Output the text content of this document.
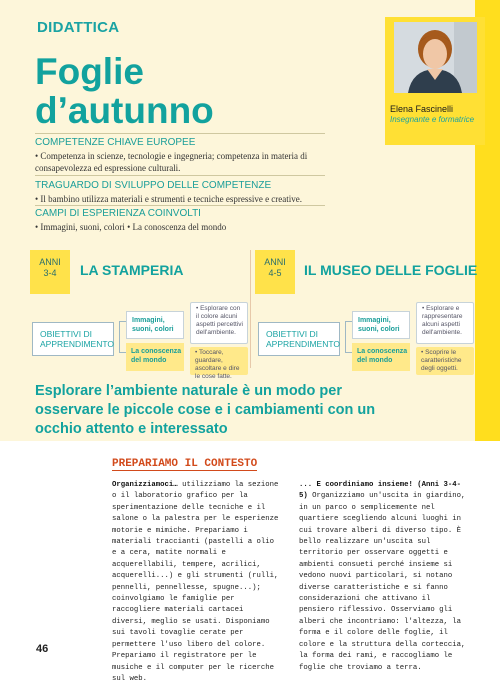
DIDATTICA
Foglie
d’autunno	Elena Fascinelli
Insegnante e formatrice
COMPETENZE CHIAVE EUROPEE
• Competenza in scienze, tecnologie e ingegneria; competenza in materia di consapevolezza ed espressione culturali.
TRAGUARDO DI SVILUPPO DELLE COMPETENZE
• Il bambino utilizza materiali e strumenti e tecniche espressive e creative.
CAMPI DI ESPERIENZA COINVOLTI
• Immagini, suoni, colori • La conoscenza del mondo
ANNI
3-4	LA STAMPERIA
OBIETTIVI DI APPRENDIMENTO
Immagini, suoni, colori
La conoscenza del mondo
• Esplorare con il colore alcuni aspetti percettivi dell'ambiente.
• Toccare, guardare, ascoltare e dire le cose fatte.
ANNI
4-5	IL MUSEO DELLE FOGLIE
OBIETTIVI DI APPRENDIMENTO
Immagini, suoni, colori
La conoscenza del mondo
• Esplorare e rappresentare alcuni aspetti dell'ambiente.
• Scoprire le caratteristiche degli oggetti.

Esplorare l’ambiente naturale è un modo per osservare le piccole cose e i cambiamenti con un occhio attento e interessato

PREPARIAMO IL CONTESTO
Organizziamoci… utilizziamo la sezione o il laboratorio grafico per la sperimentazione delle tecniche e il salone o la palestra per le esperienze motorie e mimiche. Prepariamo i materiali traccianti (pastelli a olio e a cera, matite normali e acquerellabili, tempere, acrilici, acquerelli...) e gli strumenti (rulli, pennelli, pennellesse, spugne...); coinvolgiamo le famiglie per raccogliere materiali cartacei diversi, meglio se usati. Disponiamo sui tavoli tovaglie cerate per permettere l'uso libero del colore. Prepariamo il registratore per le musiche e il computer per le ricerche sul web.
... E coordiniamo insieme! (Anni 3-4-5) Organizziamo un'uscita in giardino, in un parco o semplicemente nel quartiere scegliendo alcuni luoghi in cui trovare alberi di diverso tipo. È bello realizzare un'uscita sul territorio per osservare oggetti e ambienti consueti perché insieme si vedono nuovi particolari, si notano diverse caratteristiche e si fanno considerazioni che attivano il pensiero riflessivo. Osserviamo gli alberi che incontriamo: l'altezza, la forma e il colore delle foglie, il colore e la struttura della corteccia, la forma dei rami, e raccogliamo le foglie che troviamo a terra.
46
